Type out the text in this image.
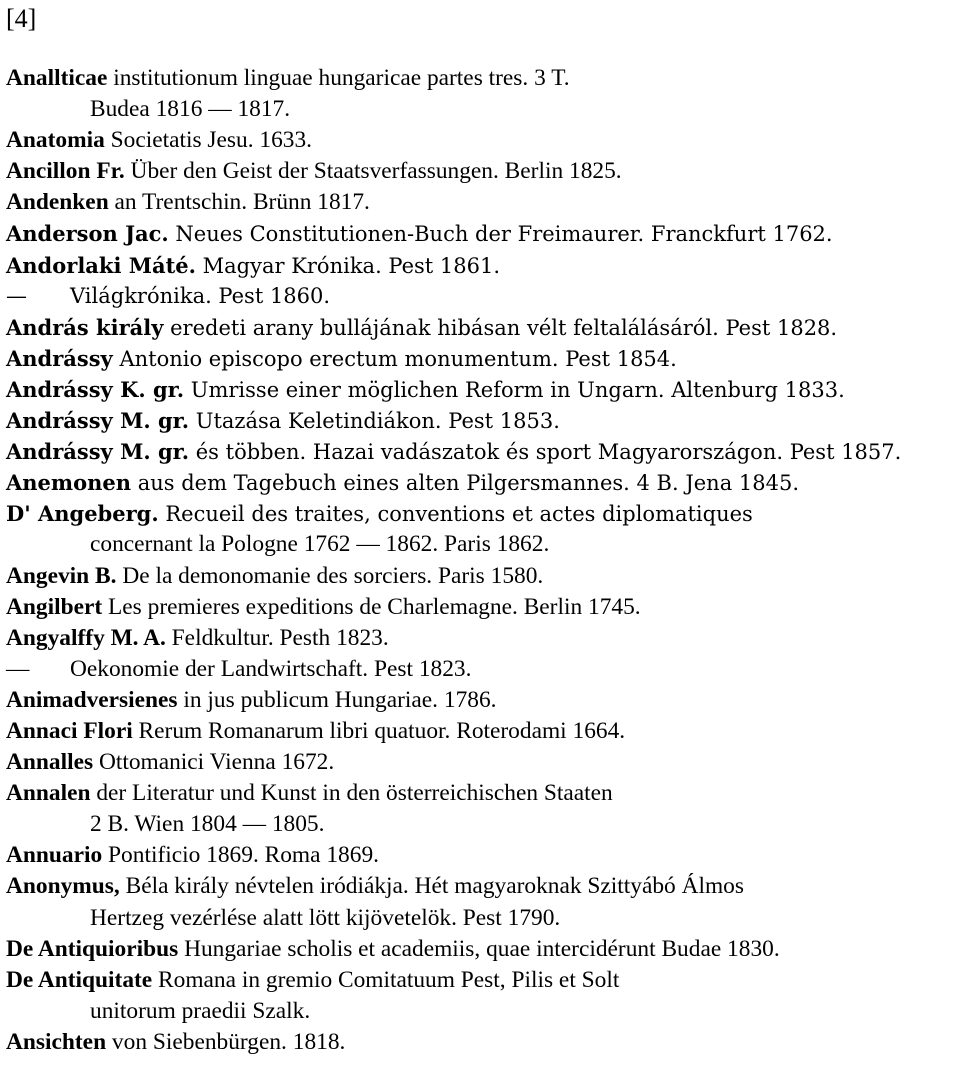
[4]
Anallticae institutionum linguae hungaricae partes tres. 3 T.
Budea 1816 — 1817.
Anatomia Societatis Jesu. 1633.
Ancillon Fr. Über den Geist der Staatsverfassungen. Berlin 1825.
Andenken an Trentschin. Brünn 1817.
Anderson Jac. Neues Constitutionen-Buch der Freimaurer. Franckfurt 1762.
Andorlaki Máté. Magyar Krónika. Pest 1861.
— Világkrónika. Pest 1860.
András király eredeti arany bullájának hibásan vélt feltalálásáról. Pest 1828.
Andrássy Antonio episcopo erectum monumentum. Pest 1854.
Andrássy K. gr. Umrisse einer möglichen Reform in Ungarn. Altenburg 1833.
Andrássy M. gr. Utazása Keletindiákon. Pest 1853.
Andrássy M. gr. és többen. Hazai vadászatok és sport Magyarországon. Pest 1857.
Anemonen aus dem Tagebuch eines alten Pilgersmannes. 4 B. Jena 1845.
D' Angeberg. Recueil des traites, conventions et actes diplomatiques
concernant la Pologne 1762 — 1862. Paris 1862.
Angevin B. De la demonomanie des sorciers. Paris 1580.
Angilbert Les premieres expeditions de Charlemagne. Berlin 1745.
Angyalffy M. A. Feldkultur. Pesth 1823.
— Oekonomie der Landwirtschaft. Pest 1823.
Animadversienes in jus publicum Hungariae. 1786.
Annaci Flori Rerum Romanarum libri quatuor. Roterodami 1664.
Annalles Ottomanici Vienna 1672.
Annalen der Literatur und Kunst in den österreichischen Staaten
2 B. Wien 1804 — 1805.
Annuario Pontificio 1869. Roma 1869.
Anonymus, Béla király névtelen iródiákja. Hét magyaroknak Szittyábó Álmos
Hertzeg vezérlése alatt lött kijövetelök. Pest 1790.
De Antiquioribus Hungariae scholis et academiis, quae intercidérunt Budae 1830.
De Antiquitate Romana in gremio Comitatuum Pest, Pilis et Solt
unitorum praedii Szalk.
Ansichten von Siebenbürgen. 1818.
